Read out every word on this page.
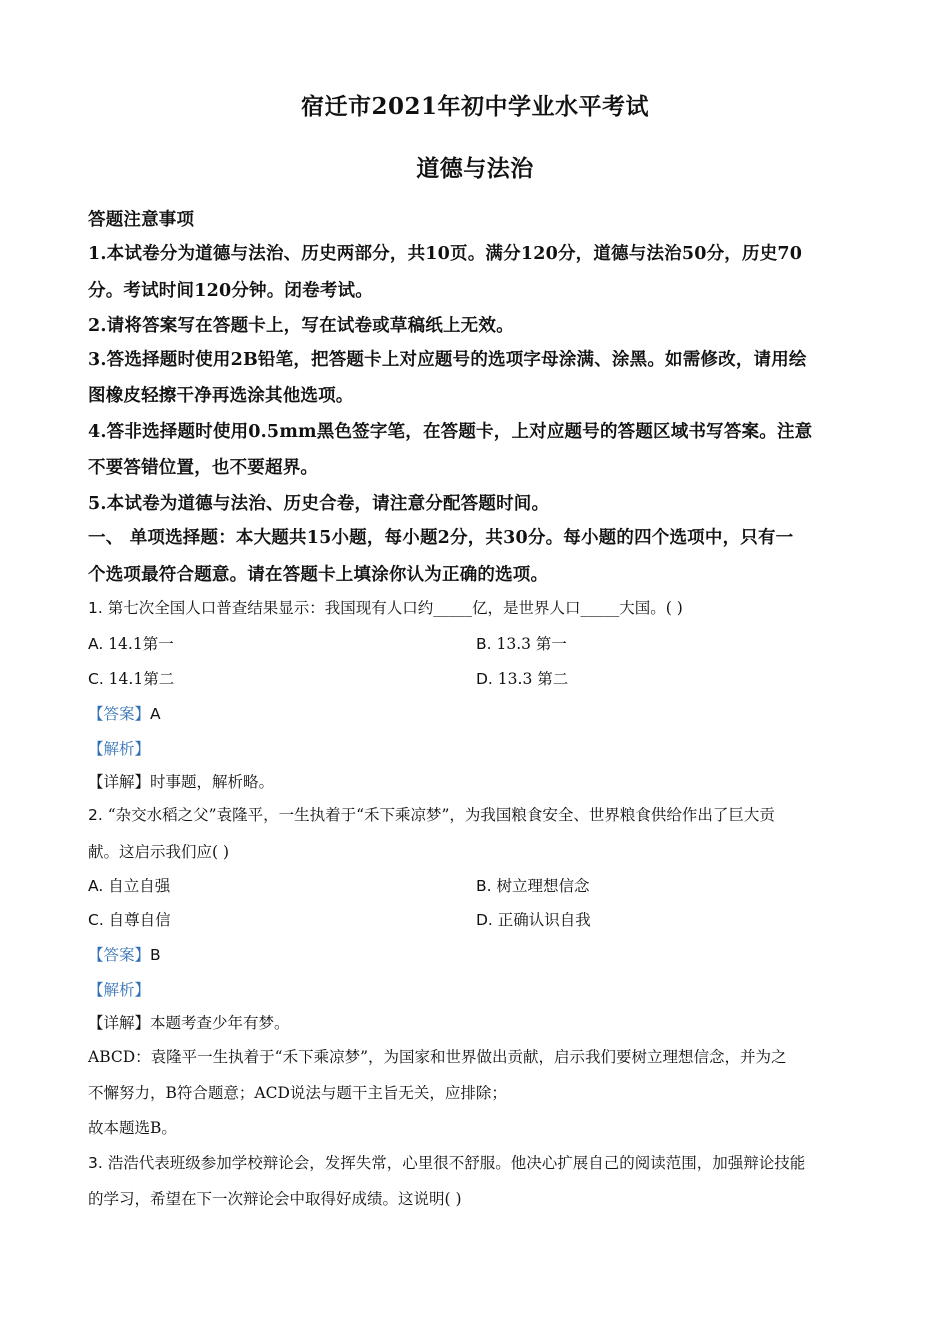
宿迁市2021年初中学业水平考试
道德与法治
答题注意事项
1.本试卷分为道德与法治、历史两部分，共10页。满分120分，道德与法治50分，历史70
分。考试时间120分钟。闭卷考试。
2.请将答案写在答题卡上，写在试卷或草稿纸上无效。
3.答选择题时使用2B铅笔，把答题卡上对应题号的选项字母涂满、涂黑。如需修改，请用绘
图橡皮轻擦干净再选涂其他选项。
4.答非选择题时使用0.5mm黑色签字笔，在答题卡，上对应题号的答题区域书写答案。注意
不要答错位置，也不要超界。
5.本试卷为道德与法治、历史合卷，请注意分配答题时间。
一、 单项选择题：本大题共15小题，每小题2分，共30分。每小题的四个选项中，只有一
个选项最符合题意。请在答题卡上填涂你认为正确的选项。
1. 第七次全国人口普查结果显示：我国现有人口约_____亿，是世界人口_____大国。( )
A. 14.1第一	B. 13.3 第一
C. 14.1第二	D. 13.3 第二
【答案】A
【解析】
【详解】时事题，解析略。
2. “杂交水稻之父”袁隆平，一生执着于“禾下乘凉梦”，为我国粮食安全、世界粮食供给作出了巨大贡
献。这启示我们应( )
A. 自立自强	B. 树立理想信念
C. 自尊自信	D. 正确认识自我
【答案】B
【解析】
【详解】本题考查少年有梦。
ABCD：袁隆平一生执着于“禾下乘凉梦”，为国家和世界做出贡献，启示我们要树立理想信念，并为之
不懈努力，B符合题意；ACD说法与题干主旨无关，应排除；
故本题选B。
3. 浩浩代表班级参加学校辩论会，发挥失常，心里很不舒服。他决心扩展自己的阅读范围，加强辩论技能
的学习，希望在下一次辩论会中取得好成绩。这说明( )
